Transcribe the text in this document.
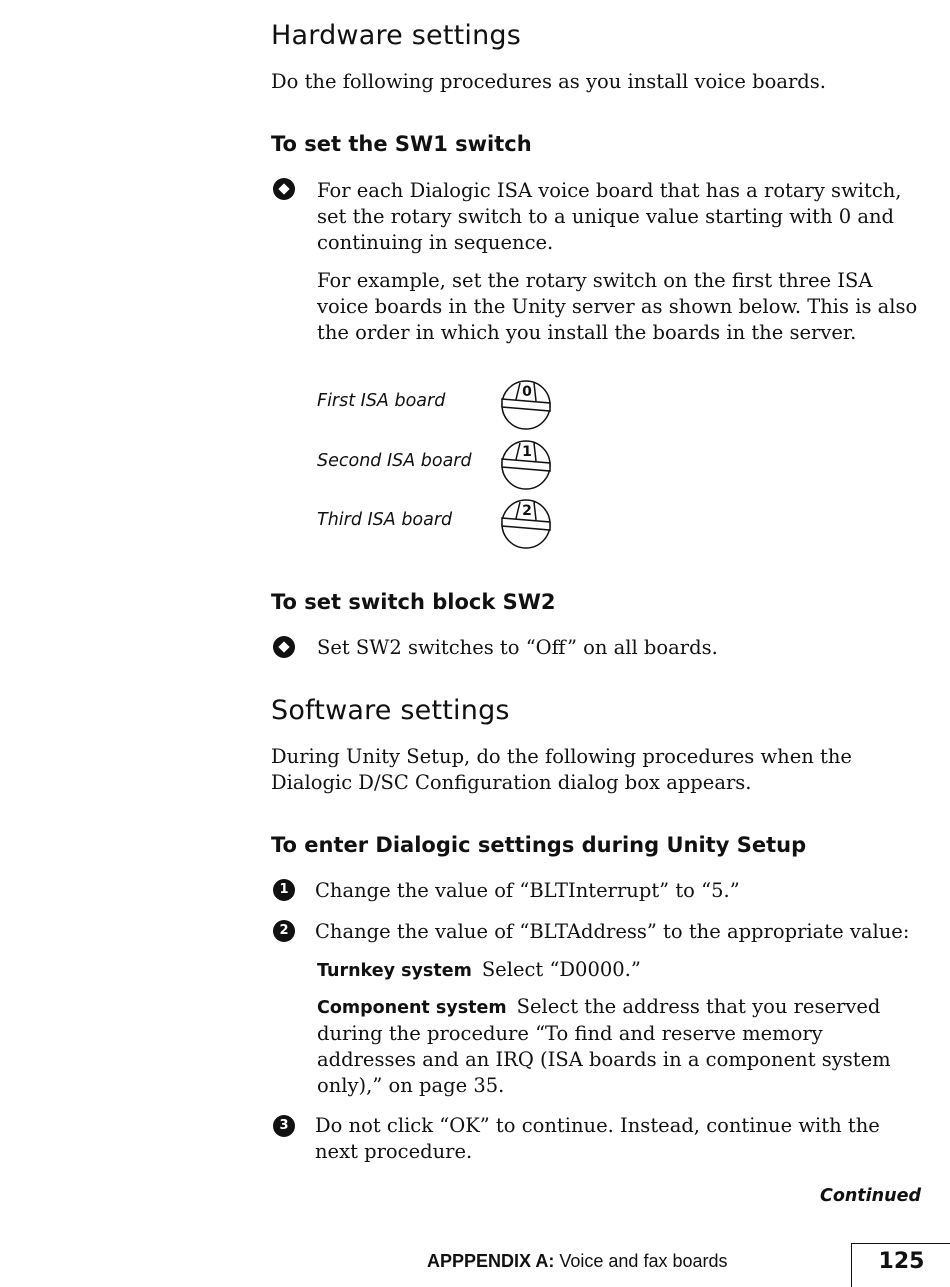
Hardware settings
Do the following procedures as you install voice boards.
To set the SW1 switch
For each Dialogic ISA voice board that has a rotary switch, set the rotary switch to a unique value starting with 0 and continuing in sequence.
For example, set the rotary switch on the first three ISA voice boards in the Unity server as shown below. This is also the order in which you install the boards in the server.
First ISA board	0
Second ISA board	1
Third ISA board	2
To set switch block SW2
Set SW2 switches to “Off” on all boards.
Software settings
During Unity Setup, do the following procedures when the Dialogic D/SC Configuration dialog box appears.
To enter Dialogic settings during Unity Setup
1	Change the value of “BLTInterrupt” to “5.”
2	Change the value of “BLTAddress” to the appropriate value:
Turnkey system Select “D0000.”
Component system Select the address that you reserved during the procedure “To find and reserve memory addresses and an IRQ (ISA boards in a component system only),” on page 35.
3	Do not click “OK” to continue. Instead, continue with the next procedure.
Continued
APPPENDIX A: Voice and fax boards	125
